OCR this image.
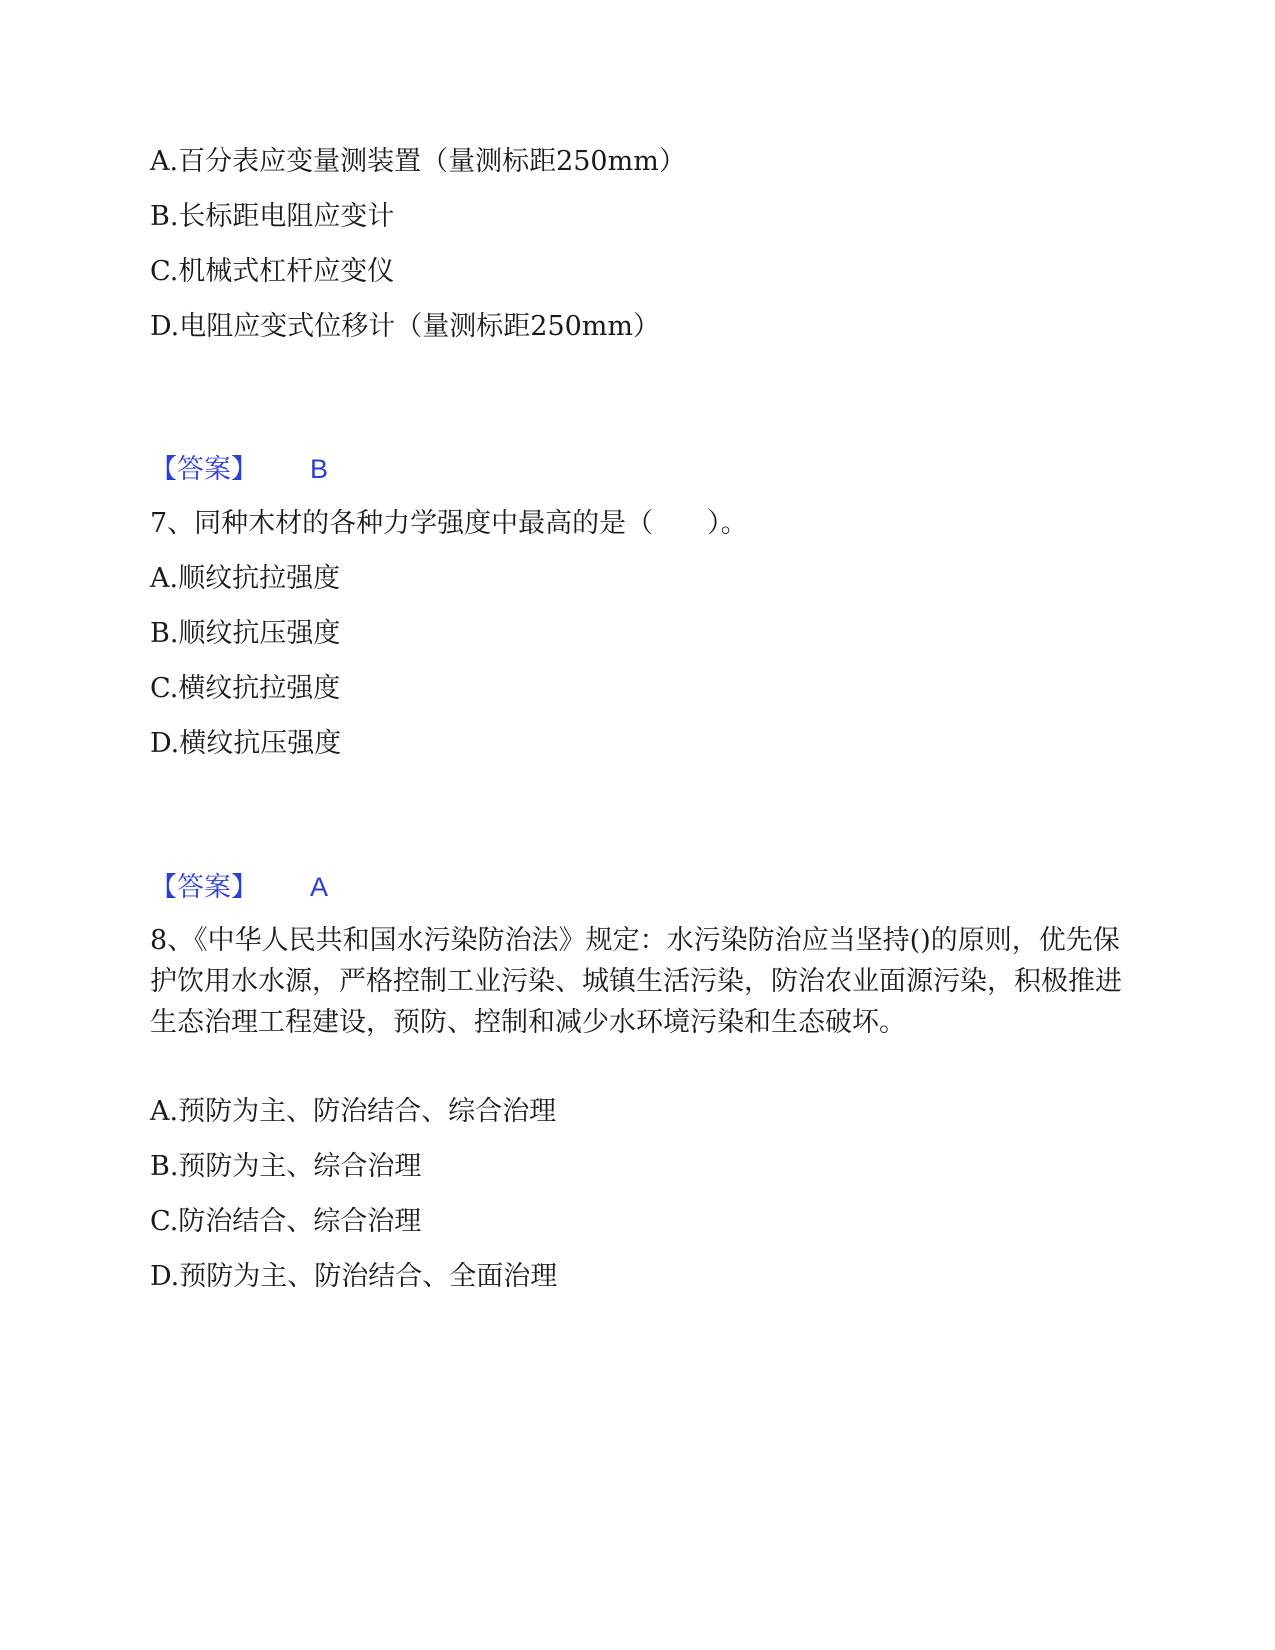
A.百分表应变量测装置（量测标距250mm）
B.长标距电阻应变计
C.机械式杠杆应变仪
D.电阻应变式位移计（量测标距250mm）
【答案】 B
7、同种木材的各种力学强度中最高的是（　　）。
A.顺纹抗拉强度
B.顺纹抗压强度
C.横纹抗拉强度
D.横纹抗压强度
【答案】 A
8、《中华人民共和国水污染防治法》规定：水污染防治应当坚持()的原则，优先保护饮用水水源，严格控制工业污染、城镇生活污染，防治农业面源污染，积极推进生态治理工程建设，预防、控制和减少水环境污染和生态破坏。
A.预防为主、防治结合、综合治理
B.预防为主、综合治理
C.防治结合、综合治理
D.预防为主、防治结合、全面治理
